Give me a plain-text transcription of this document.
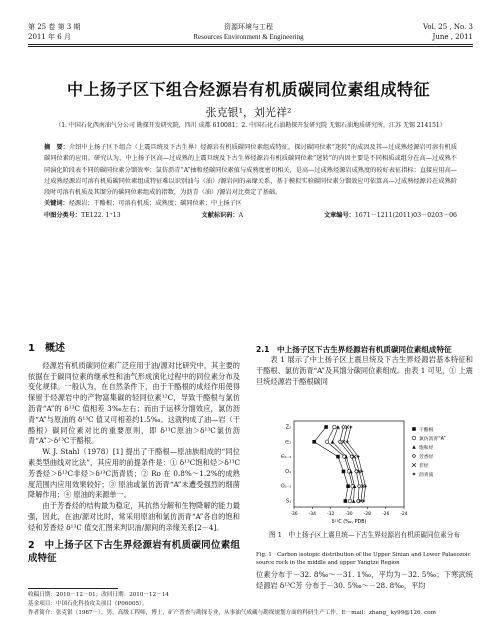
第 25 卷 第 3 期
2011 年 6 月
资源环境与工程
Resources Environment & Engineering
Vol. 25 , No. 3
June , 2011
中上扬子区下组合烃源岩有机质碳同位素组成特征
张克银¹，刘光祥²
（1. 中国石化西南油气分公司 勘探开发研究院，四川 成都 610081；2. 中国石化石油勘探开发研究院 无锡石油地质研究所，江苏 无锡 214151）
摘　要：介绍中上扬子区下组合（上震旦统及下古生界）烃源岩有机质碳同位素组成特征，探讨碳同位素“迷转”的成因及其—过成熟烃源岩可溶有机质碳同位素的应用。研究认为，中上扬子区高—过成熟的上震旦统及下古生界烃源岩有机质碳同位素“迷转”的内因主要是不同相质或组分在高—过成熟不同演化阶段表不同的碳同位素分馏效率；氯仿沥青“A”抽和烃碳同位素值与成熟度密切相关，是高—过成熟烃源岩成熟度的较好表征指标；直接应用高—过成熟烃源岩可溶有机质碳同位素组成特征难以识别油与（油）/源岩间的亲缘关系，基于模拟实验碳同位素分馏效应可依算高—过成熟烃源岩在成熟阶段时可溶有机质及其馏分的碳同位素组成的指数，为沥青（油）/源岩对比奠定了基础。
关键词：烃源岩；干酪根；可溶有机质；成熟度；碳同位素；中上扬子区

中图分类号：TE122. 1⁺13	文献标识码：A	文章编号：1671－1211(2011)03－0203－06
1　概述
烃源岩有机质碳同位素广泛应用于油/源对比研究中，其主要的依据在于碳同位素的继承性和油气形成演化过程中的同位素分布及变化规律。一般认为，在自然条件下，由于干酪根的成烃作用使得保留于烃源岩中的产物富集碳的轻同位素¹²C，导致干酪根与氯仿沥青“A”的 δ¹³C 值相差 3‰左右；而由于运移分馏效应，氯仿沥青“A”与原油的 δ¹³C 值又可相差约1.5‰。这就构成了油—岩（干酪根）碳同位素对比的重要原则，即 δ¹³C原油＞δ¹³C氯仿沥青“A”＞δ¹³C干酪根。
W. J. Stahl（1978）[1] 提出了干酪根—原油族组成的“同位素类型曲线对比法”，其应用的前提条件是：① δ¹³C饱和烃＞δ¹³C芳香烃＞δ¹³C非烃＞δ¹³C沥青质；② Ro 在 0.8%～1.2%的成熟度范围内应用效果较好；③ 原油或氯仿沥青“A”未遭受强烈的细菌降解作用；④ 原油的来源单一。
由于芳香烃的结构最为稳定，其抗热分解和生物降解的能力最强，因此，在油/源对比时，常采用原油和氯仿沥青“A”各自的饱和烃和芳香烃 δ¹³C 值交汇图来判识油/源间的亲缘关系[2－4]。
2　中上扬子区下古生界烃源岩有机质碳同位素组成特征
2.1　中上扬子区下古生界烃源岩有机质碳同位素组成特征
表 1 展示了中上扬子区上震旦统及下古生界烃源岩基本特征和干酪根、氯仿沥青“A”及其馏分碳同位素组成。由表 1 可见，① 上震旦统烃源岩干酪根碳同
-36 -34 -32 -30 -28 -26 -24
δ¹³C (‰, PDB)
Z₂
∈₁
∈₂₋₃
O₁
O₂₋₃
S₁
干酪根
氯仿沥青“A”
饱和烃
芳香烃
非烃
沥青质
图 1　中上扬子区上震旦统—下古生界烃源岩有机质碳同位素分布
Fig. 1　Carbon isotopic distribution of the Upper Sinian and Lower Palaeozoic source rock in the middle and upper Yangtze Region
位素分布于－32. 8‰～－31. 1‰，平均为－32. 5‰；下寒武统烃源岩 δ¹³C芳 分布于－30. 5‰～－28. 8‰，平均
收稿日期：2010－12－01；改回日期：2010－12－14
基金项目：中国石化科技攻关项目（P06005）。
作者简介：张克银（1967－），男，高级工程师，博士，矿产普查与勘探专业，从事油气成藏与勘探规划方面的科研生产工作。E－mail：zhang_ ky99@126. com
